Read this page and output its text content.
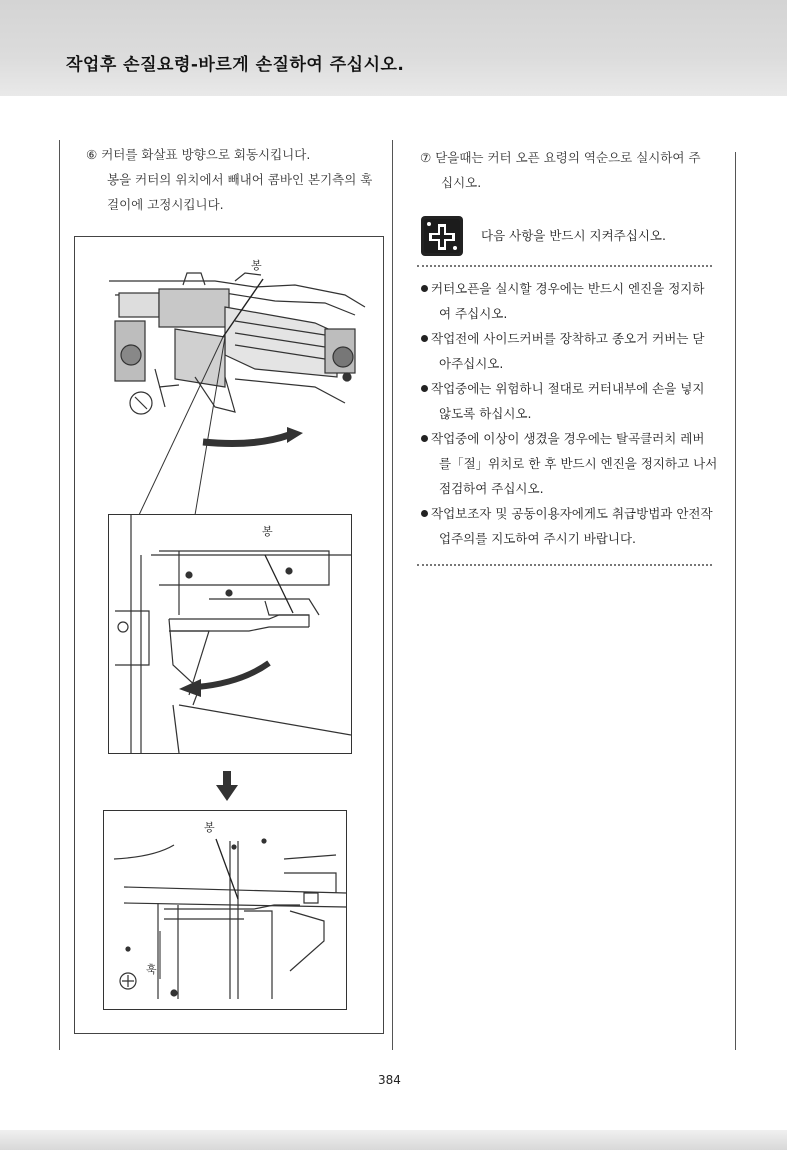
작업후 손질요령-바르게 손질하여 주십시오.

⑥ 커터를 화살표 방향으로 회동시킵니다.

봉을 커터의 위치에서 빼내어 콤바인 본기측의 훅

걸이에 고정시킵니다.

⑦ 닫을때는 커터 오픈 요령의 역순으로 실시하여 주

십시오.

다음 사항을 반드시 지켜주십시오.
커터오픈을 실시할 경우에는 반드시 엔진을 정지하
여 주십시오.
작업전에 사이드커버를 장착하고 종오거 커버는 닫
아주십시오.
작업중에는 위험하니 절대로 커터내부에 손을 넣지
않도록 하십시오.
작업중에 이상이 생겼을 경우에는 탈곡클러치 레버
를「절」위치로 한 후 반드시 엔진을 정지하고 나서
점검하여 주십시오.
작업보조자 및 공동이용자에게도 취급방법과 안전작
업주의를 지도하여 주시기 바랍니다.
봉
봉
봉
훅
384
